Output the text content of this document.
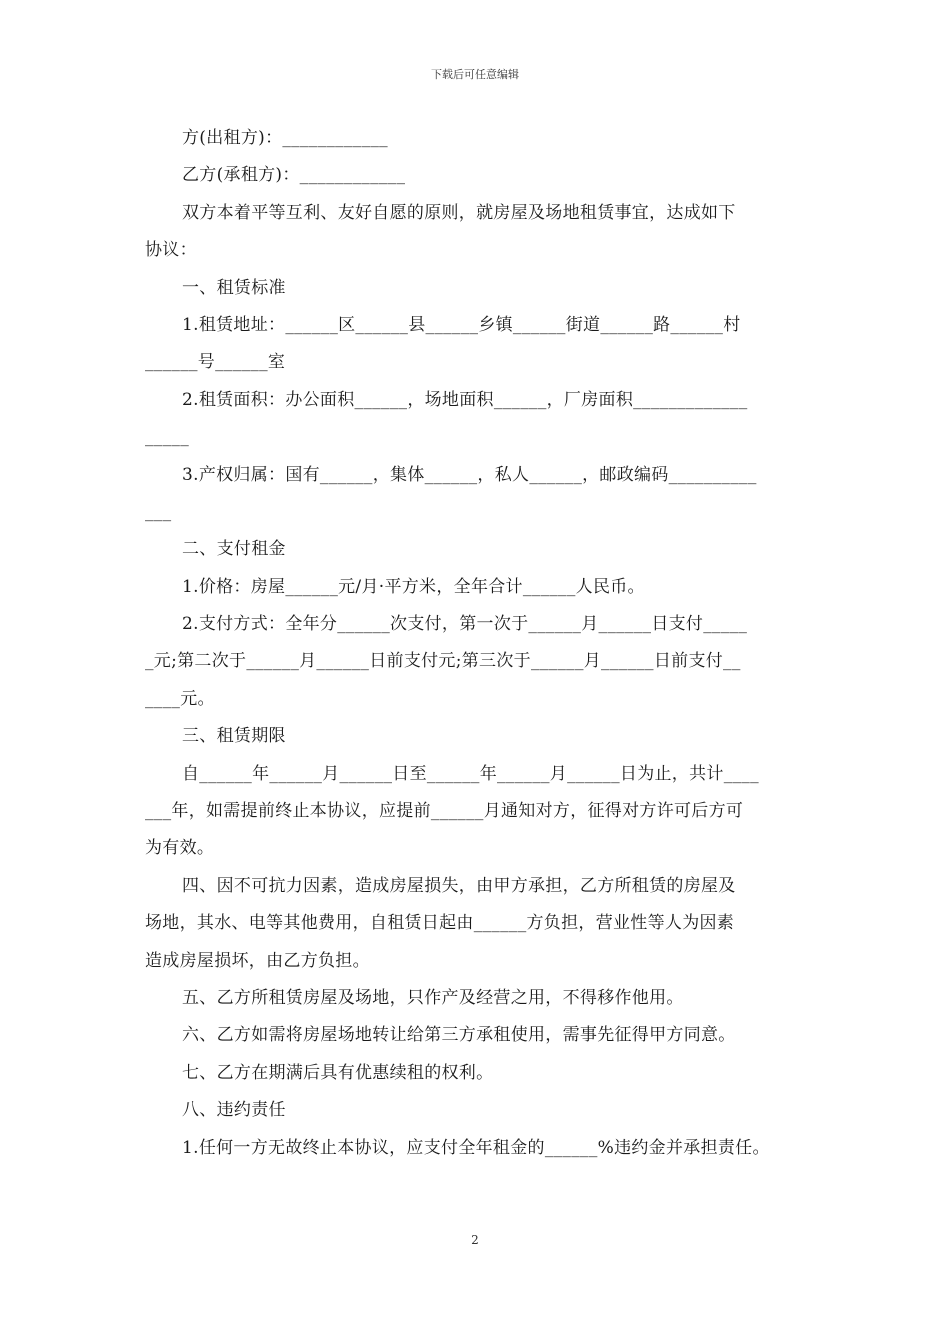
下载后可任意编辑
方(出租方)：____________
乙方(承租方)：____________
双方本着平等互利、友好自愿的原则，就房屋及场地租赁事宜，达成如下
协议：
一、租赁标准
1.租赁地址：______区______县______乡镇______街道______路______村
______号______室
2.租赁面积：办公面积______，场地面积______，厂房面积_____________
_____
3.产权归属：国有______，集体______，私人______，邮政编码__________
___
二、支付租金
1.价格：房屋______元/月·平方米，全年合计______人民币。
2.支付方式：全年分______次支付，第一次于______月______日支付_____
_元;第二次于______月______日前支付元;第三次于______月______日前支付__
____元。
三、租赁期限
自______年______月______日至______年______月______日为止，共计____
___年，如需提前终止本协议，应提前______月通知对方，征得对方许可后方可
为有效。
四、因不可抗力因素，造成房屋损失，由甲方承担，乙方所租赁的房屋及
场地，其水、电等其他费用，自租赁日起由______方负担，营业性等人为因素
造成房屋损坏，由乙方负担。
五、乙方所租赁房屋及场地，只作产及经营之用，不得移作他用。
六、乙方如需将房屋场地转让给第三方承租使用，需事先征得甲方同意。
七、乙方在期满后具有优惠续租的权利。
八、违约责任
1.任何一方无故终止本协议，应支付全年租金的______%违约金并承担责任。
2
